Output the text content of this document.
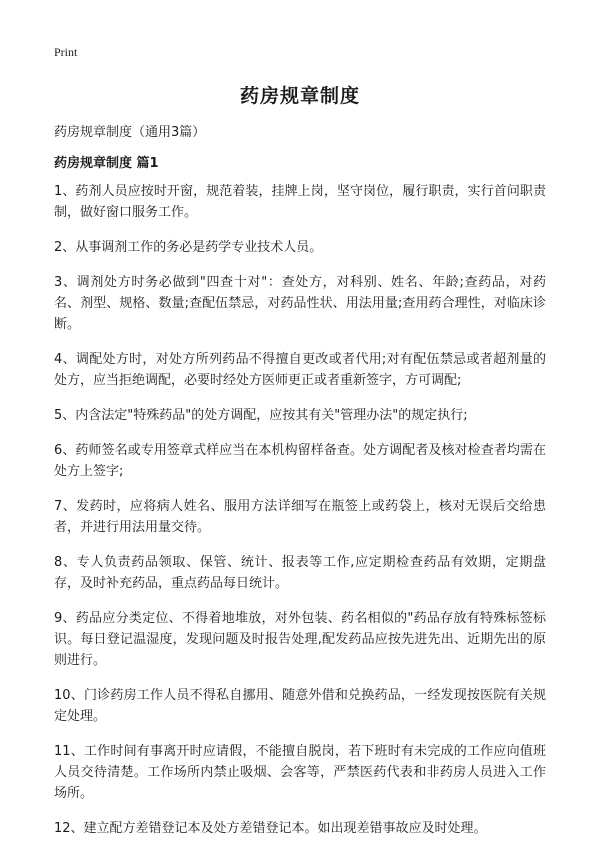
Print
药房规章制度
药房规章制度（通用3篇）
药房规章制度 篇1

1、药剂人员应按时开窗，规范着装，挂牌上岗，坚守岗位，履行职责，实行首问职责制，做好窗口服务工作。

2、从事调剂工作的务必是药学专业技术人员。

3、调剂处方时务必做到"四查十对"：查处方，对科别、姓名、年龄;查药品，对药名、剂型、规格、数量;查配伍禁忌，对药品性状、用法用量;查用药合理性，对临床诊断。

4、调配处方时，对处方所列药品不得擅自更改或者代用;对有配伍禁忌或者超剂量的处方，应当拒绝调配，必要时经处方医师更正或者重新签字，方可调配;

5、内含法定"特殊药品"的处方调配，应按其有关"管理办法"的规定执行;

6、药师签名或专用签章式样应当在本机构留样备查。处方调配者及核对检查者均需在处方上签字;

7、发药时，应将病人姓名、服用方法详细写在瓶签上或药袋上，核对无误后交给患者，并进行用法用量交待。

8、专人负责药品领取、保管、统计、报表等工作,应定期检查药品有效期，定期盘存，及时补充药品，重点药品每日统计。

9、药品应分类定位、不得着地堆放，对外包装、药名相似的"药品存放有特殊标签标识。每日登记温湿度，发现问题及时报告处理,配发药品应按先进先出、近期先出的原则进行。

10、门诊药房工作人员不得私自挪用、随意外借和兑换药品，一经发现按医院有关规定处理。

11、工作时间有事离开时应请假，不能擅自脱岗，若下班时有未完成的工作应向值班人员交待清楚。工作场所内禁止吸烟、会客等，严禁医药代表和非药房人员进入工作场所。

12、建立配方差错登记本及处方差错登记本。如出现差错事故应及时处理。
